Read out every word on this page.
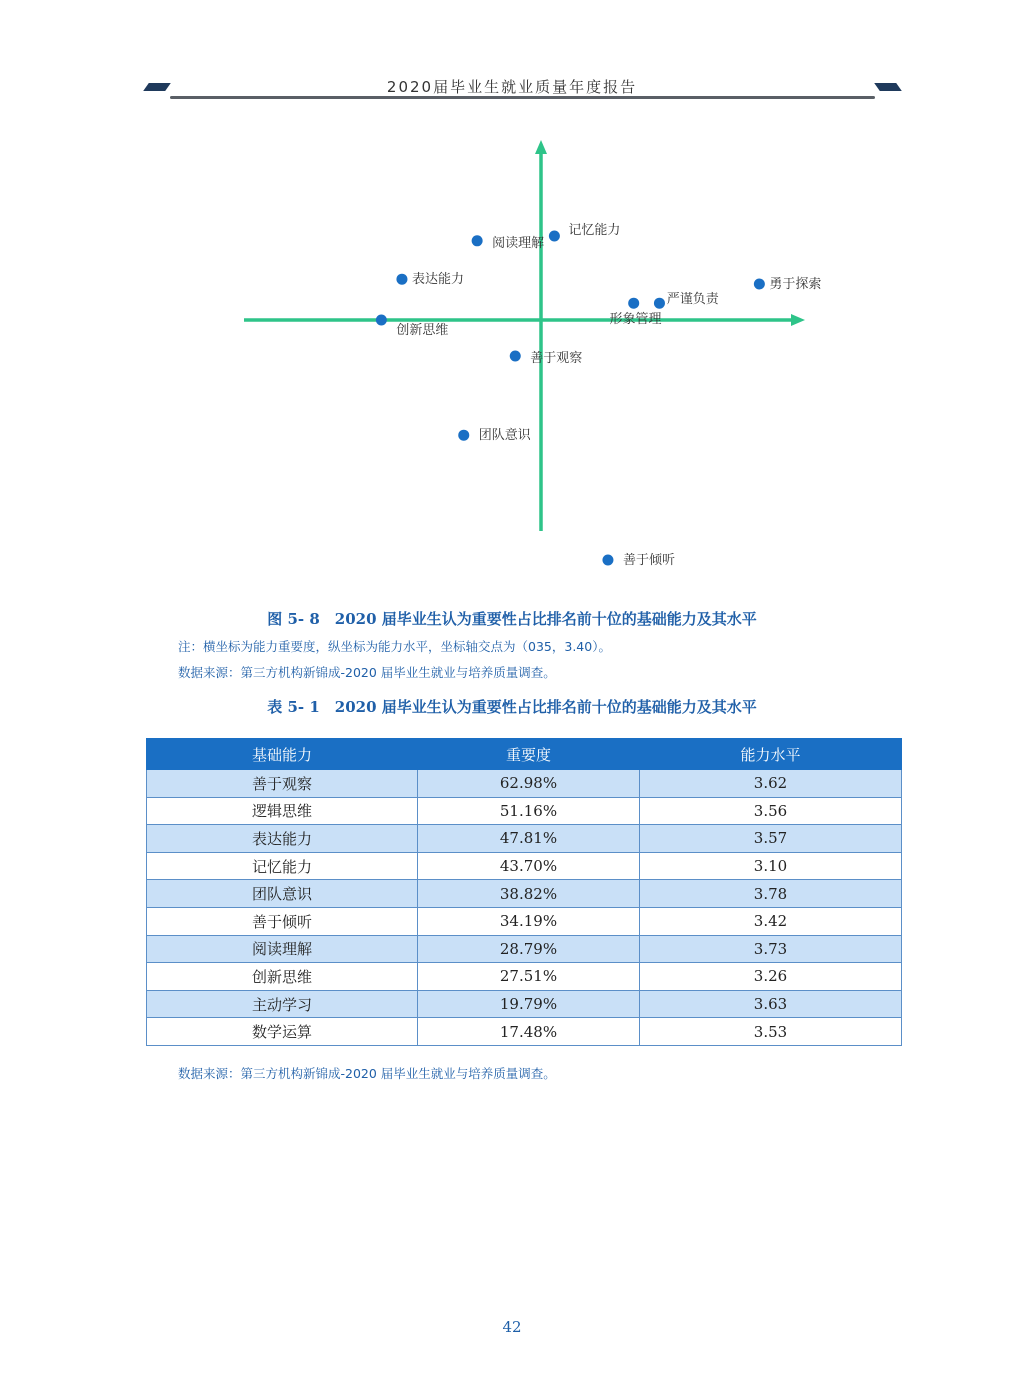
2020届毕业生就业质量年度报告
记忆能力
阅读理解
表达能力
创新思维
善于观察
严谨负责
形象管理
勇于探索
团队意识
善于倾听
图 5- 8　2020 届毕业生认为重要性占比排名前十位的基础能力及其水平
注：横坐标为能力重要度，纵坐标为能力水平，坐标轴交点为（035，3.40）。
数据来源：第三方机构新锦成-2020 届毕业生就业与培养质量调查。
表 5- 1　2020 届毕业生认为重要性占比排名前十位的基础能力及其水平
基础能力	重要度	能力水平
善于观察	62.98%	3.62
逻辑思维	51.16%	3.56
表达能力	47.81%	3.57
记忆能力	43.70%	3.10
团队意识	38.82%	3.78
善于倾听	34.19%	3.42
阅读理解	28.79%	3.73
创新思维	27.51%	3.26
主动学习	19.79%	3.63
数学运算	17.48%	3.53
数据来源：第三方机构新锦成-2020 届毕业生就业与培养质量调查。
42
